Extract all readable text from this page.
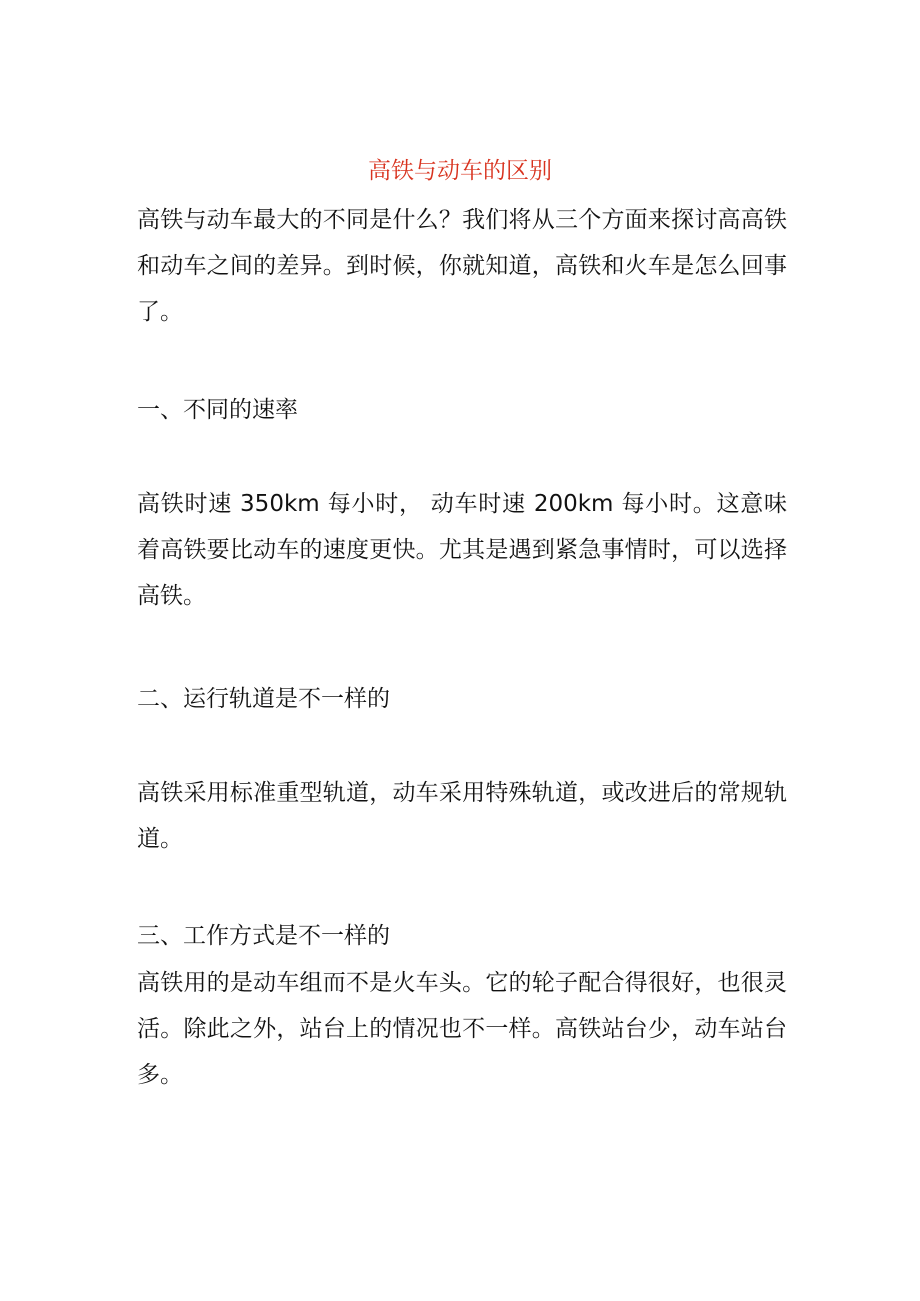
高铁与动车的区别

高铁与动车最大的不同是什么？我们将从三个方面来探讨高高铁和动车之间的差异。到时候，你就知道，高铁和火车是怎么回事了。

一、不同的速率

高铁时速 350km 每小时， 动车时速 200km 每小时。这意味着高铁要比动车的速度更快。尤其是遇到紧急事情时，可以选择高铁。

二、运行轨道是不一样的

高铁采用标准重型轨道，动车采用特殊轨道，或改进后的常规轨道。

三、工作方式是不一样的

高铁用的是动车组而不是火车头。它的轮子配合得很好，也很灵活。除此之外，站台上的情况也不一样。高铁站台少，动车站台多。
